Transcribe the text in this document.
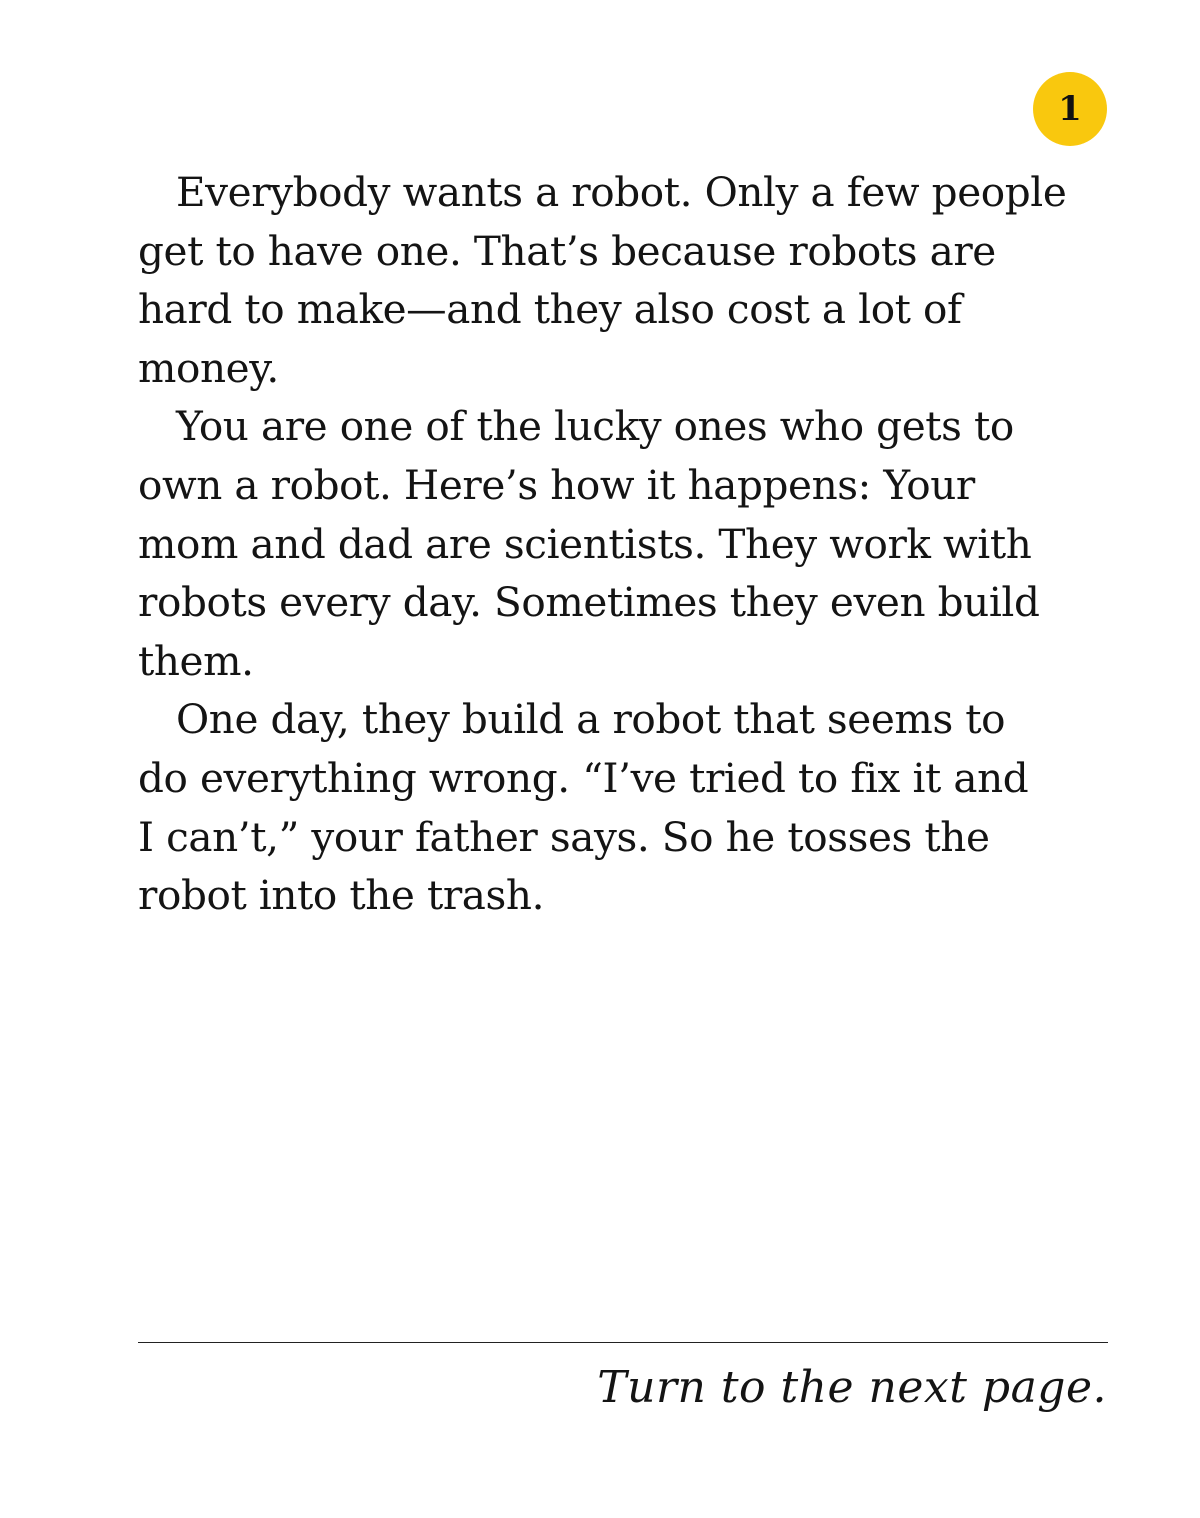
1

Everybody wants a robot. Only a few people
get to have one. That’s because robots are
hard to make—and they also cost a lot of
money.

You are one of the lucky ones who gets to
own a robot. Here’s how it happens: Your
mom and dad are scientists. They work with
robots every day. Sometimes they even build
them.

One day, they build a robot that seems to
do everything wrong. “I’ve tried to fix it and
I can’t,” your father says. So he tosses the
robot into the trash.

Turn to the next page.
